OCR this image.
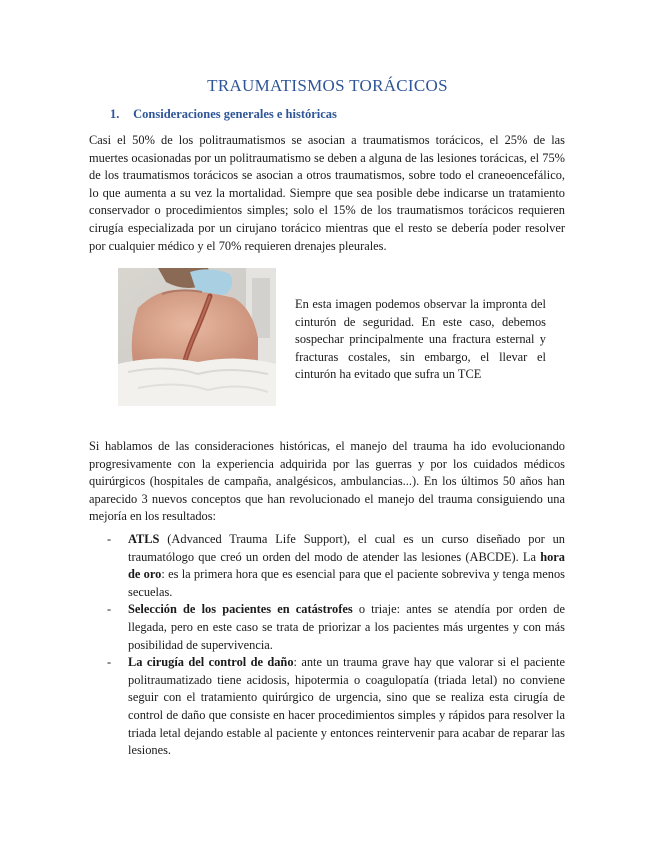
TRAUMATISMOS TORÁCICOS
1. Consideraciones generales e históricas

Casi el 50% de los politraumatismos se asocian a traumatismos torácicos, el 25% de las muertes ocasionadas por un politraumatismo se deben a alguna de las lesiones torácicas, el 75% de los traumatismos torácicos se asocian a otros traumatismos, sobre todo el craneoencefálico, lo que aumenta a su vez la mortalidad. Siempre que sea posible debe indicarse un tratamiento conservador o procedimientos simples; solo el 15% de los traumatismos torácicos requieren cirugía especializada por un cirujano torácico mientras que el resto se debería poder resolver por cualquier médico y el 70% requieren drenajes pleurales.

En esta imagen podemos observar la impronta del cinturón de seguridad. En este caso, debemos sospechar principalmente una fractura esternal y fracturas costales, sin embargo, el llevar el cinturón ha evitado que sufra un TCE

Si hablamos de las consideraciones históricas, el manejo del trauma ha ido evolucionando progresivamente con la experiencia adquirida por las guerras y por los cuidados médicos quirúrgicos (hospitales de campaña, analgésicos, ambulancias...). En los últimos 50 años han aparecido 3 nuevos conceptos que han revolucionado el manejo del trauma consiguiendo una mejoría en los resultados:

- ATLS (Advanced Trauma Life Support), el cual es un curso diseñado por un traumatólogo que creó un orden del modo de atender las lesiones (ABCDE). La hora de oro: es la primera hora que es esencial para que el paciente sobreviva y tenga menos secuelas.
- Selección de los pacientes en catástrofes o triaje: antes se atendía por orden de llegada, pero en este caso se trata de priorizar a los pacientes más urgentes y con más posibilidad de supervivencia.
- La cirugía del control de daño: ante un trauma grave hay que valorar si el paciente politraumatizado tiene acidosis, hipotermia o coagulopatía (triada letal) no conviene seguir con el tratamiento quirúrgico de urgencia, sino que se realiza esta cirugía de control de daño que consiste en hacer procedimientos simples y rápidos para resolver la triada letal dejando estable al paciente y entonces reintervenir para acabar de reparar las lesiones.
